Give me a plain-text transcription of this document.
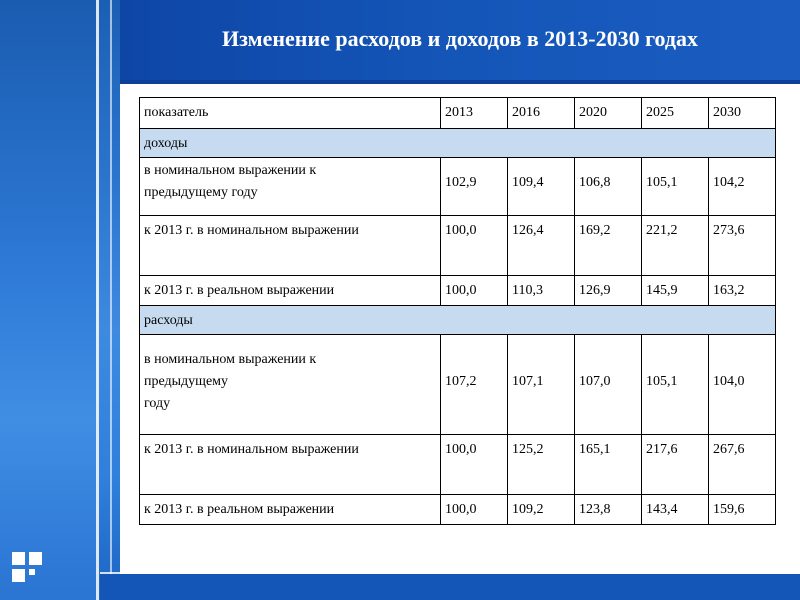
Изменение расходов и доходов в 2013-2030 годах
показатель	2013	2016	2020	2025	2030
доходы					
в номинальном выражении к
предыдущему году	102,9	109,4	106,8	105,1	104,2
к 2013 г. в номинальном выражении	100,0	126,4	169,2	221,2	273,6
к 2013 г. в реальном выражении	100,0	110,3	126,9	145,9	163,2
расходы					
в номинальном выражении к
предыдущему
году	107,2	107,1	107,0	105,1	104,0
к 2013 г. в номинальном выражении	100,0	125,2	165,1	217,6	267,6
к 2013 г. в реальном выражении	100,0	109,2	123,8	143,4	159,6
